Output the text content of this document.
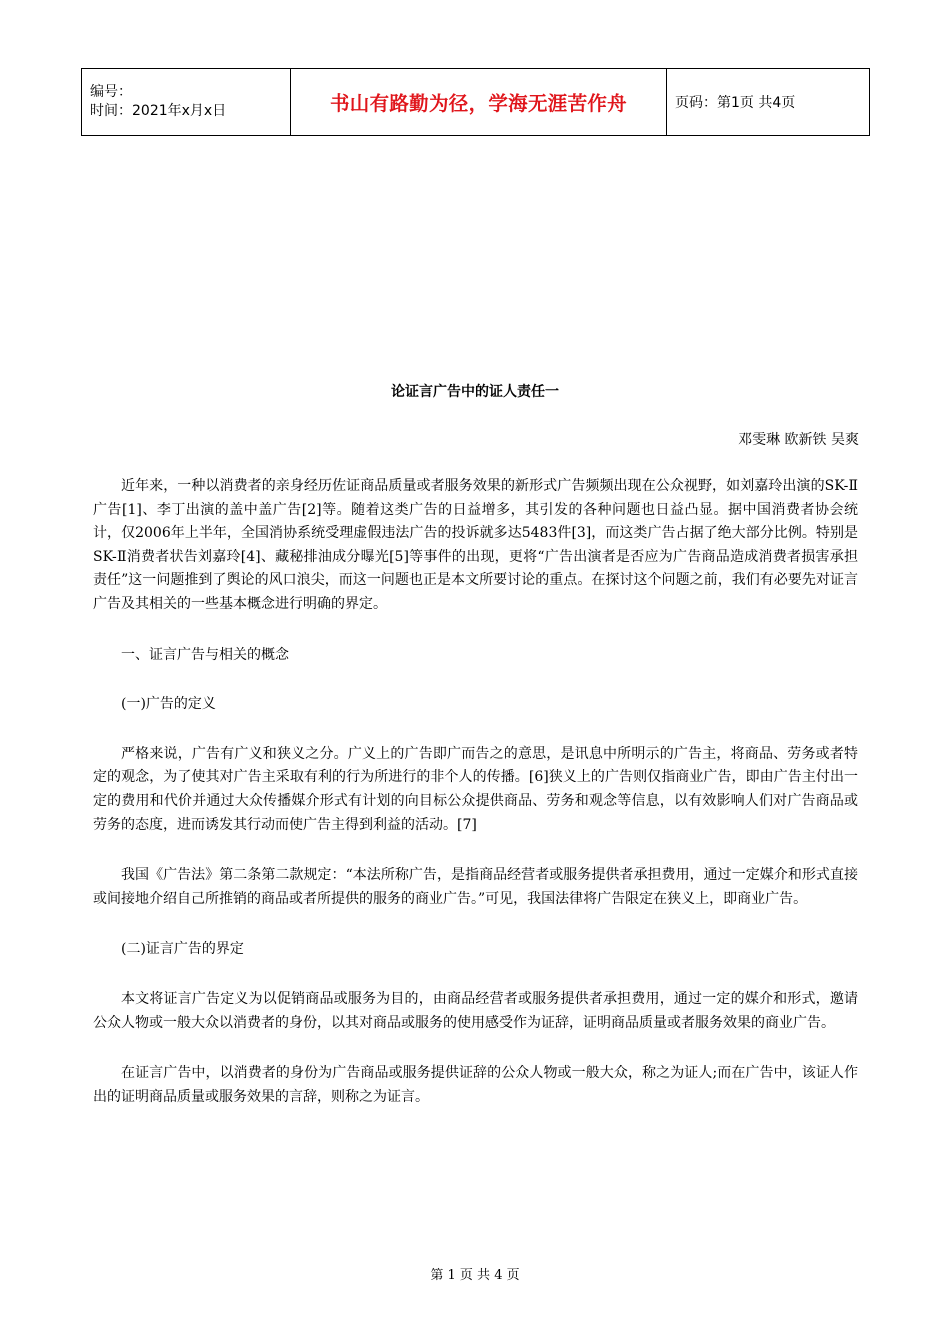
编号：
时间：2021年x月x日	书山有路勤为径，学海无涯苦作舟	页码：第1页 共4页
论证言广告中的证人责任一
邓雯琳 欧新铁 吴爽

近年来，一种以消费者的亲身经历佐证商品质量或者服务效果的新形式广告频频出现在公众视野，如刘嘉玲出演的SK-Ⅱ广告[1]、李丁出演的盖中盖广告[2]等。随着这类广告的日益增多，其引发的各种问题也日益凸显。据中国消费者协会统计，仅2006年上半年，全国消协系统受理虚假违法广告的投诉就多达5483件[3]，而这类广告占据了绝大部分比例。特别是SK-Ⅱ消费者状告刘嘉玲[4]、藏秘排油成分曝光[5]等事件的出现，更将“广告出演者是否应为广告商品造成消费者损害承担责任”这一问题推到了舆论的风口浪尖，而这一问题也正是本文所要讨论的重点。在探讨这个问题之前，我们有必要先对证言广告及其相关的一些基本概念进行明确的界定。

一、证言广告与相关的概念

(一)广告的定义

严格来说，广告有广义和狭义之分。广义上的广告即广而告之的意思，是讯息中所明示的广告主，将商品、劳务或者特定的观念，为了使其对广告主采取有利的行为所进行的非个人的传播。[6]狭义上的广告则仅指商业广告，即由广告主付出一定的费用和代价并通过大众传播媒介形式有计划的向目标公众提供商品、劳务和观念等信息，以有效影响人们对广告商品或劳务的态度，进而诱发其行动而使广告主得到利益的活动。[7]

我国《广告法》第二条第二款规定：“本法所称广告，是指商品经营者或服务提供者承担费用，通过一定媒介和形式直接或间接地介绍自己所推销的商品或者所提供的服务的商业广告。”可见，我国法律将广告限定在狭义上，即商业广告。

(二)证言广告的界定

本文将证言广告定义为以促销商品或服务为目的，由商品经营者或服务提供者承担费用，通过一定的媒介和形式，邀请公众人物或一般大众以消费者的身份，以其对商品或服务的使用感受作为证辞，证明商品质量或者服务效果的商业广告。

在证言广告中，以消费者的身份为广告商品或服务提供证辞的公众人物或一般大众，称之为证人;而在广告中，该证人作出的证明商品质量或服务效果的言辞，则称之为证言。

第 1 页 共 4 页
